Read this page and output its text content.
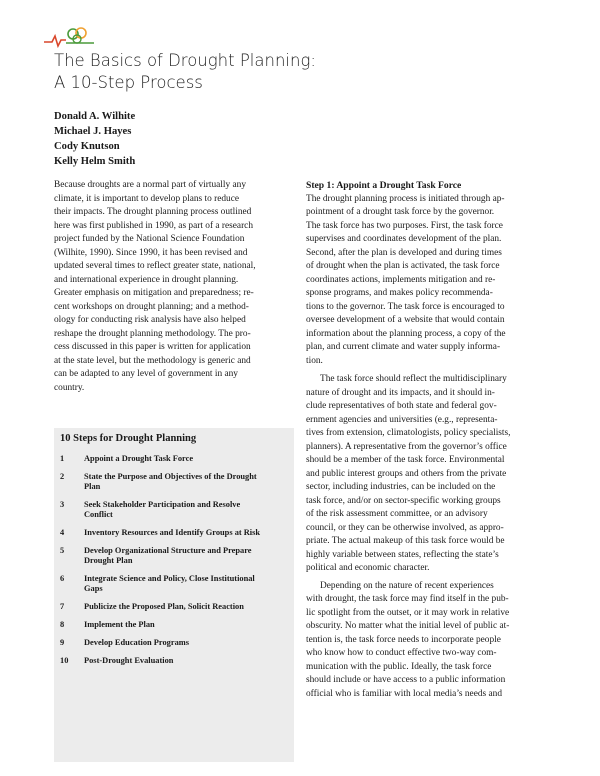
The Basics of Drought Planning:
A 10-Step Process
Donald A. Wilhite
Michael J. Hayes
Cody Knutson
Kelly Helm Smith
Because droughts are a normal part of virtually any
climate, it is important to develop plans to reduce
their impacts. The drought planning process outlined
here was first published in 1990, as part of a research
project funded by the National Science Foundation
(Wilhite, 1990). Since 1990, it has been revised and
updated several times to reflect greater state, national,
and international experience in drought planning.
Greater emphasis on mitigation and preparedness; re-
cent workshops on drought planning; and a method-
ology for conducting risk analysis have also helped
reshape the drought planning methodology. The pro-
cess discussed in this paper is written for application
at the state level, but the methodology is generic and
can be adapted to any level of government in any
country.
10 Steps for Drought Planning
1	Appoint a Drought Task Force
2	State the Purpose and Objectives of the Drought
Plan
3	Seek Stakeholder Participation and Resolve
Conflict
4	Inventory Resources and Identify Groups at Risk
5	Develop Organizational Structure and Prepare
Drought Plan
6	Integrate Science and Policy, Close Institutional
Gaps
7	Publicize the Proposed Plan, Solicit Reaction
8	Implement the Plan
9	Develop Education Programs
10	Post-Drought Evaluation
Step 1: Appoint a Drought Task Force
The drought planning process is initiated through ap-
pointment of a drought task force by the governor.
The task force has two purposes. First, the task force
supervises and coordinates development of the plan.
Second, after the plan is developed and during times
of drought when the plan is activated, the task force
coordinates actions, implements mitigation and re-
sponse programs, and makes policy recommenda-
tions to the governor. The task force is encouraged to
oversee development of a website that would contain
information about the planning process, a copy of the
plan, and current climate and water supply informa-
tion.
The task force should reflect the multidisciplinary
nature of drought and its impacts, and it should in-
clude representatives of both state and federal gov-
ernment agencies and universities (e.g., representa-
tives from extension, climatologists, policy specialists,
planners). A representative from the governor’s office
should be a member of the task force. Environmental
and public interest groups and others from the private
sector, including industries, can be included on the
task force, and/or on sector-specific working groups
of the risk assessment committee, or an advisory
council, or they can be otherwise involved, as appro-
priate. The actual makeup of this task force would be
highly variable between states, reflecting the state’s
political and economic character.
Depending on the nature of recent experiences
with drought, the task force may find itself in the pub-
lic spotlight from the outset, or it may work in relative
obscurity. No matter what the initial level of public at-
tention is, the task force needs to incorporate people
who know how to conduct effective two-way com-
munication with the public. Ideally, the task force
should include or have access to a public information
official who is familiar with local media’s needs and
